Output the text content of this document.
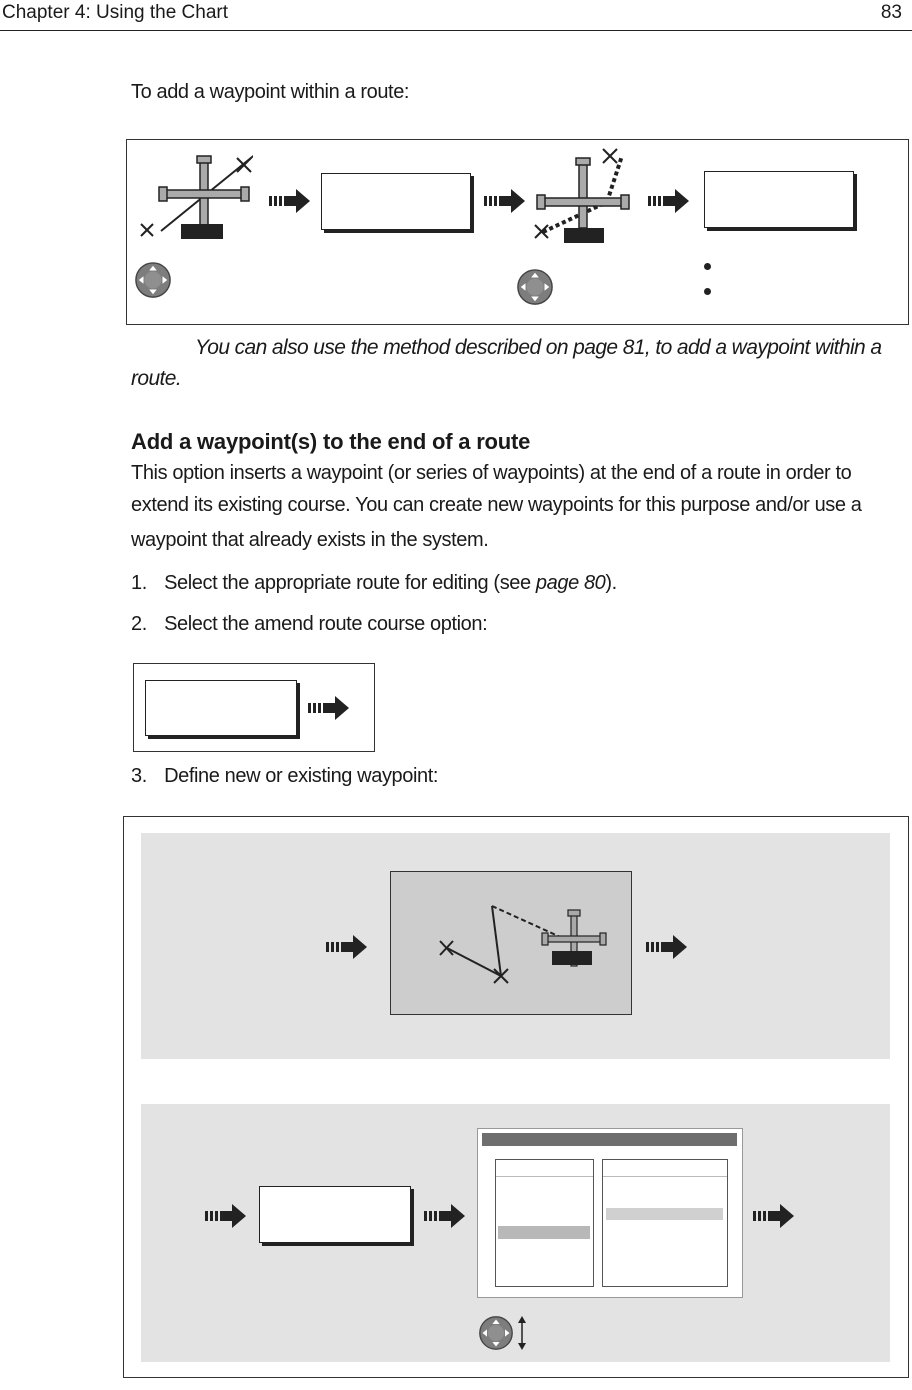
Chapter 4: Using the Chart	83
To add a waypoint within a route:
You can also use the method described on page 81, to add a waypoint within a
route.
Add a waypoint(s) to the end of a route
This option inserts a waypoint (or series of waypoints) at the end of a route in order to
extend its existing course. You can create new waypoints for this purpose and/or use a
waypoint that already exists in the system.
1. Select the appropriate route for editing (see page 80).
2. Select the amend route course option:
3. Define new or existing waypoint:
